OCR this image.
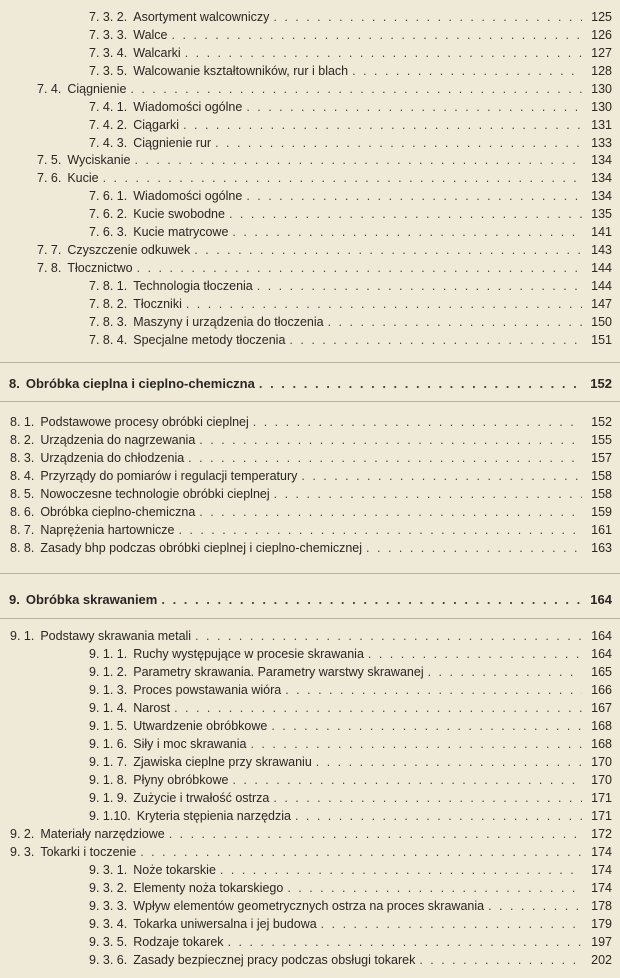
7. 3. 2. Asortyment walcowniczy . . .	125
7. 3. 3. Walce . . .	126
7. 3. 4. Walcarki . . .	127
7. 3. 5. Walcowanie kształtowników, rur i blach . . .	128
7. 4. Ciągnienie . . .	130
7. 4. 1. Wiadomości ogólne . . .	130
7. 4. 2. Ciągarki . . .	131
7. 4. 3. Ciągnienie rur . . .	133
7. 5. Wyciskanie . . .	134
7. 6. Kucie . . .	134
7. 6. 1. Wiadomości ogólne . . .	134
7. 6. 2. Kucie swobodne . . .	135
7. 6. 3. Kucie matrycowe . . .	141
7. 7. Czyszczenie odkuwek . . .	143
7. 8. Tłocznictwo . . .	144
7. 8. 1. Technologia tłoczenia . . .	144
7. 8. 2. Tłoczniki . . .	147
7. 8. 3. Maszyny i urządzenia do tłoczenia . . .	150
7. 8. 4. Specjalne metody tłoczenia . . .	151
8. Obróbka cieplna i cieplno-chemiczna . . .	152
8. 1. Podstawowe procesy obróbki cieplnej . . .	152
8. 2. Urządzenia do nagrzewania . . .	155
8. 3. Urządzenia do chłodzenia . . .	157
8. 4. Przyrządy do pomiarów i regulacji temperatury . . .	158
8. 5. Nowoczesne technologie obróbki cieplnej . . .	158
8. 6. Obróbka cieplno-chemiczna . . .	159
8. 7. Naprężenia hartownicze . . .	161
8. 8. Zasady bhp podczas obróbki cieplnej i cieplno-chemicznej . . .	163
9. Obróbka skrawaniem . . .	164
9. 1. Podstawy skrawania metali . . .	164
9. 1. 1. Ruchy występujące w procesie skrawania . . .	164
9. 1. 2. Parametry skrawania. Parametry warstwy skrawanej . . .	165
9. 1. 3. Proces powstawania wióra . . .	166
9. 1. 4. Narost . . .	167
9. 1. 5. Utwardzenie obróbkowe . . .	168
9. 1. 6. Siły i moc skrawania . . .	168
9. 1. 7. Zjawiska cieplne przy skrawaniu . . .	170
9. 1. 8. Płyny obróbkowe . . .	170
9. 1. 9. Zużycie i trwałość ostrza . . .	171
9. 1.10. Kryteria stępienia narzędzia . . .	171
9. 2. Materiały narzędziowe . . .	172
9. 3. Tokarki i toczenie . . .	174
9. 3. 1. Noże tokarskie . . .	174
9. 3. 2. Elementy noża tokarskiego . . .	174
9. 3. 3. Wpływ elementów geometrycznych ostrza na proces skrawania . . .	178
9. 3. 4. Tokarka uniwersalna i jej budowa . . .	179
9. 3. 5. Rodzaje tokarek . . .	197
9. 3. 6. Zasady bezpiecznej pracy podczas obsługi tokarek . . .	202
